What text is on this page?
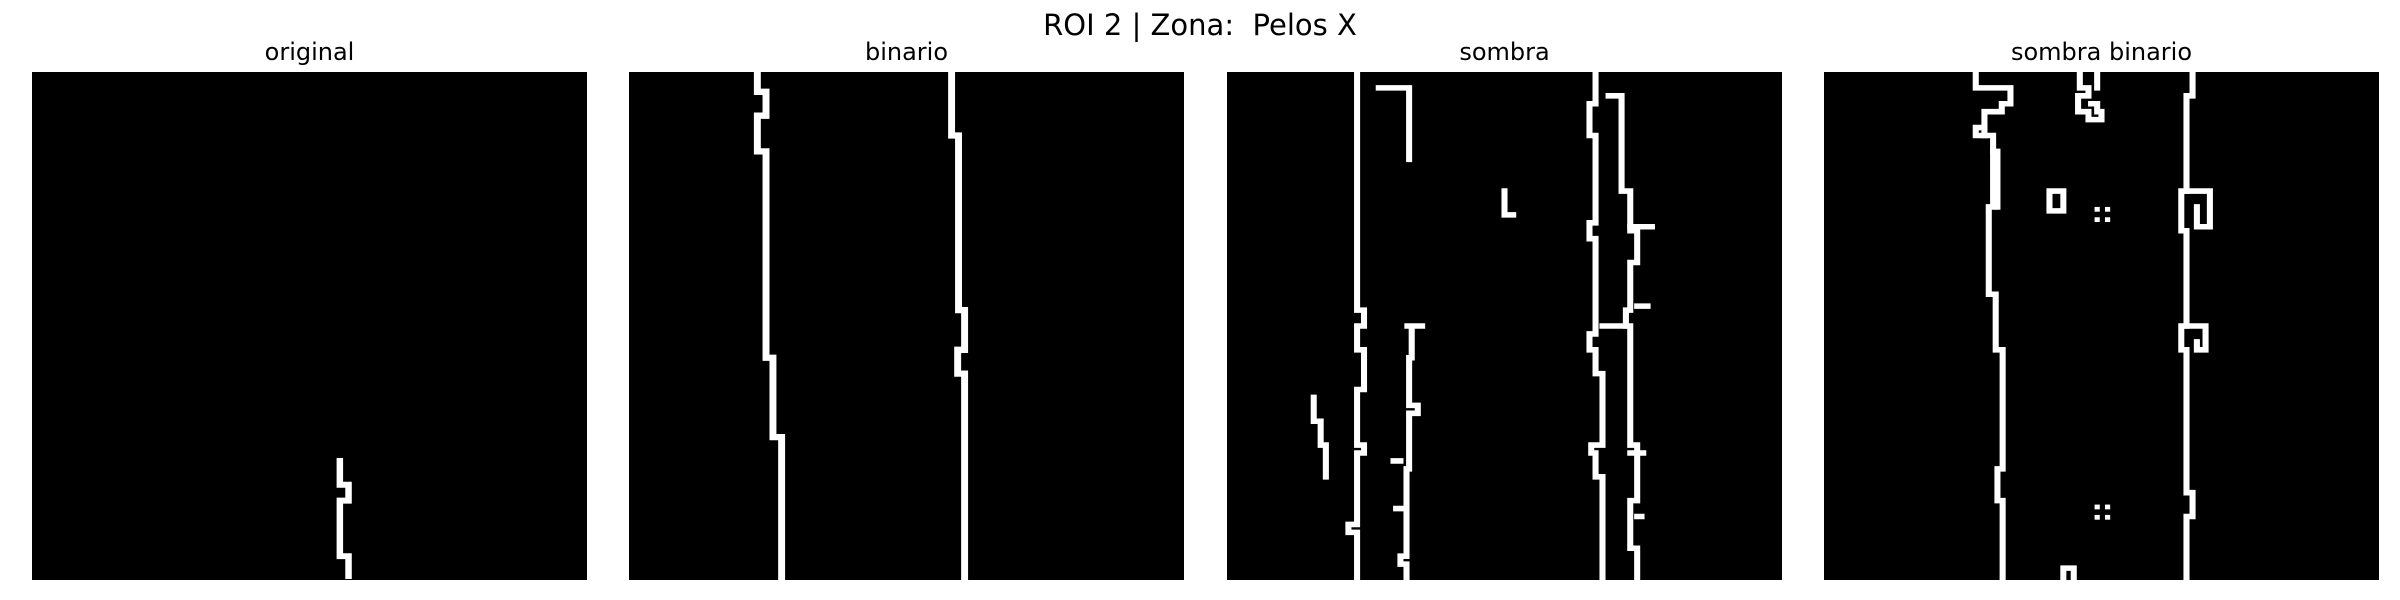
ROI 2 | Zona:  Pelos X
original	binario	sombra	sombra binario
